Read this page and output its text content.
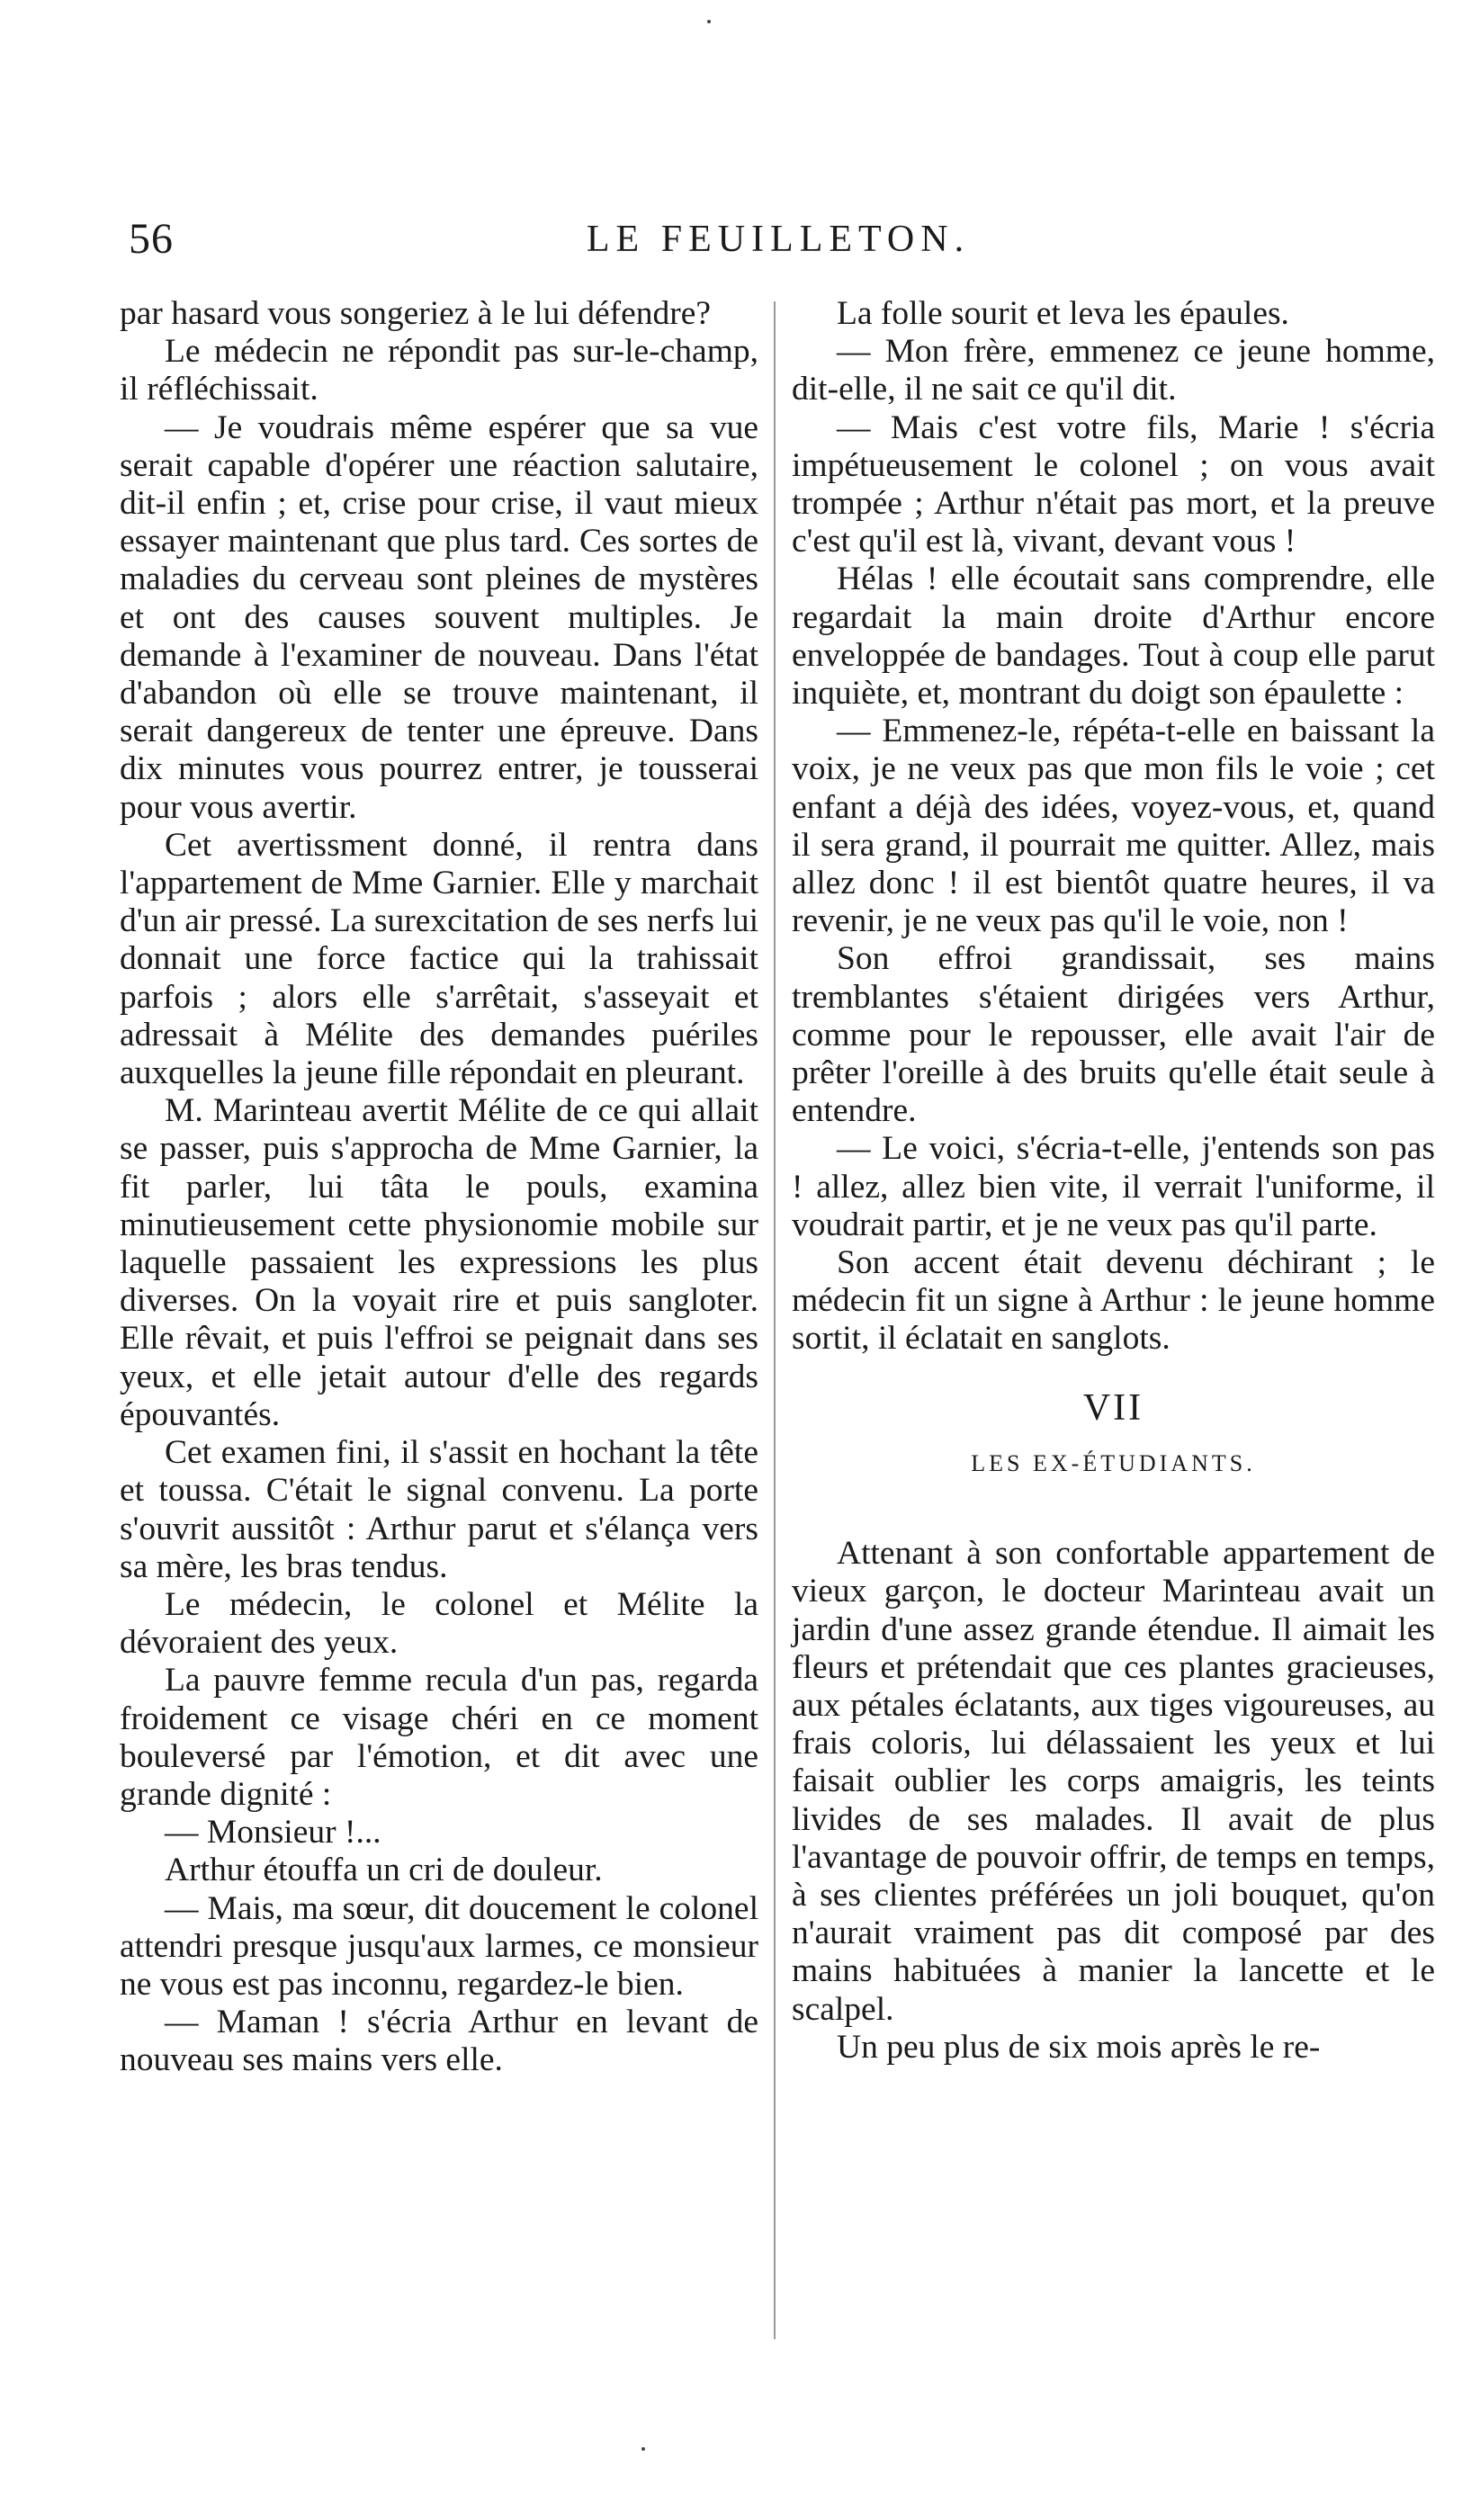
56	LE FEUILLETON.

par hasard vous songeriez à le lui défendre?

Le médecin ne répondit pas sur-le-champ, il réfléchissait.

— Je voudrais même espérer que sa vue serait capable d'opérer une réaction salutaire, dit-il enfin ; et, crise pour crise, il vaut mieux essayer maintenant que plus tard. Ces sortes de maladies du cerveau sont pleines de mystères et ont des causes souvent multiples. Je demande à l'examiner de nouveau. Dans l'état d'abandon où elle se trouve maintenant, il serait dangereux de tenter une épreuve. Dans dix minutes vous pourrez entrer, je tousserai pour vous avertir.

Cet avertissment donné, il rentra dans l'appartement de Mme Garnier. Elle y marchait d'un air pressé. La surexcitation de ses nerfs lui donnait une force factice qui la trahissait parfois ; alors elle s'arrêtait, s'asseyait et adressait à Mélite des demandes puériles auxquelles la jeune fille répondait en pleurant.

M. Marinteau avertit Mélite de ce qui allait se passer, puis s'approcha de Mme Garnier, la fit parler, lui tâta le pouls, examina minutieusement cette physionomie mobile sur laquelle passaient les expressions les plus diverses. On la voyait rire et puis sangloter. Elle rêvait, et puis l'effroi se peignait dans ses yeux, et elle jetait autour d'elle des regards épouvantés.

Cet examen fini, il s'assit en hochant la tête et toussa. C'était le signal convenu. La porte s'ouvrit aussitôt : Arthur parut et s'élança vers sa mère, les bras tendus.

Le médecin, le colonel et Mélite la dévoraient des yeux.

La pauvre femme recula d'un pas, regarda froidement ce visage chéri en ce moment bouleversé par l'émotion, et dit avec une grande dignité :

— Monsieur !...

Arthur étouffa un cri de douleur.

— Mais, ma sœur, dit doucement le colonel attendri presque jusqu'aux larmes, ce monsieur ne vous est pas inconnu, regardez-le bien.

— Maman ! s'écria Arthur en levant de nouveau ses mains vers elle.

La folle sourit et leva les épaules.

— Mon frère, emmenez ce jeune homme, dit-elle, il ne sait ce qu'il dit.

— Mais c'est votre fils, Marie ! s'écria impétueusement le colonel ; on vous avait trompée ; Arthur n'était pas mort, et la preuve c'est qu'il est là, vivant, devant vous !

Hélas ! elle écoutait sans comprendre, elle regardait la main droite d'Arthur encore enveloppée de bandages. Tout à coup elle parut inquiète, et, montrant du doigt son épaulette :

— Emmenez-le, répéta-t-elle en baissant la voix, je ne veux pas que mon fils le voie ; cet enfant a déjà des idées, voyez-vous, et, quand il sera grand, il pourrait me quitter. Allez, mais allez donc ! il est bientôt quatre heures, il va revenir, je ne veux pas qu'il le voie, non !

Son effroi grandissait, ses mains tremblantes s'étaient dirigées vers Arthur, comme pour le repousser, elle avait l'air de prêter l'oreille à des bruits qu'elle était seule à entendre.

— Le voici, s'écria-t-elle, j'entends son pas ! allez, allez bien vite, il verrait l'uniforme, il voudrait partir, et je ne veux pas qu'il parte.

Son accent était devenu déchirant ; le médecin fit un signe à Arthur : le jeune homme sortit, il éclatait en sanglots.

VII
LES EX-ÉTUDIANTS.

Attenant à son confortable appartement de vieux garçon, le docteur Marinteau avait un jardin d'une assez grande étendue. Il aimait les fleurs et prétendait que ces plantes gracieuses, aux pétales éclatants, aux tiges vigoureuses, au frais coloris, lui délassaient les yeux et lui faisait oublier les corps amaigris, les teints livides de ses malades. Il avait de plus l'avantage de pouvoir offrir, de temps en temps, à ses clientes préférées un joli bouquet, qu'on n'aurait vraiment pas dit composé par des mains habituées à manier la lancette et le scalpel.

Un peu plus de six mois après le re-
